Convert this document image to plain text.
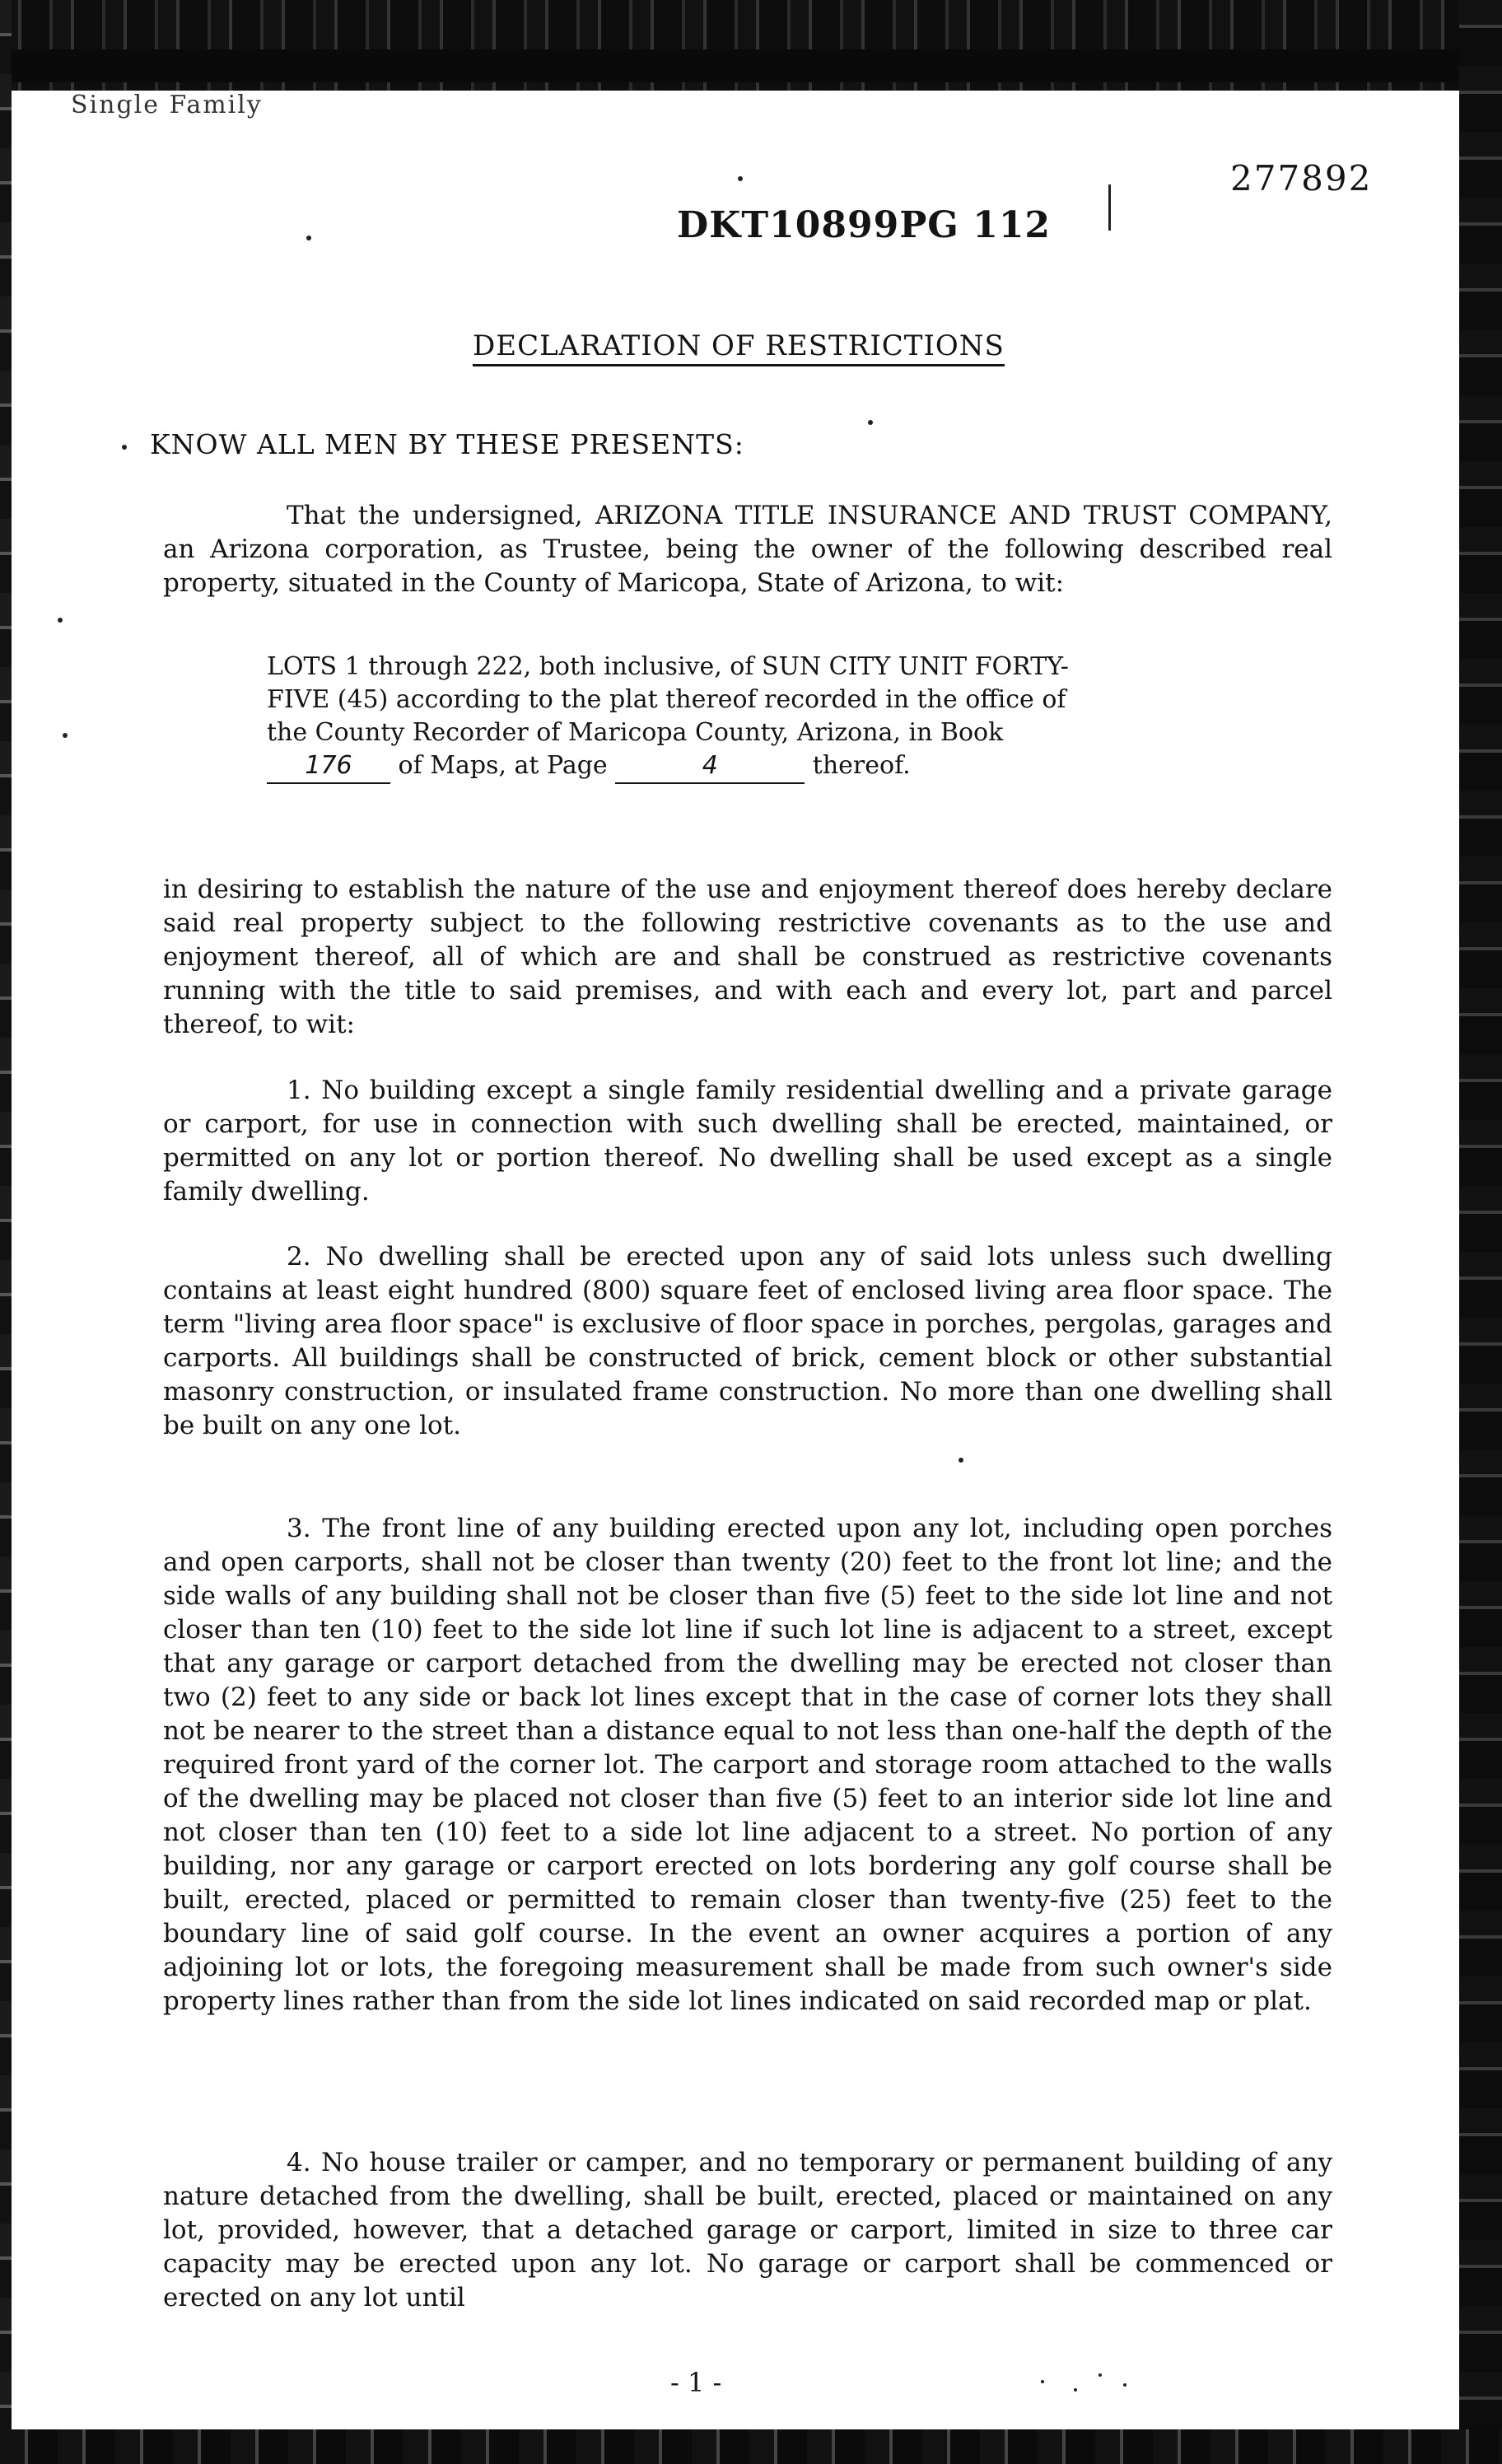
Single Family
277892
DKT10899PG 112
DECLARATION OF RESTRICTIONS
KNOW ALL MEN BY THESE PRESENTS:

That the undersigned, ARIZONA TITLE INSURANCE AND TRUST COMPANY, an Arizona corporation, as Trustee, being the owner of the following described real property, situated in the County of Maricopa, State of Arizona, to wit:

LOTS 1 through 222, both inclusive, of SUN CITY UNIT FORTY-FIVE (45) according to the plat thereof recorded in the office of the County Recorder of Maricopa County, Arizona, in Book 176 of Maps, at Page	4	thereof.

in desiring to establish the nature of the use and enjoyment thereof does hereby declare said real property subject to the following restrictive covenants as to the use and enjoyment thereof, all of which are and shall be construed as restrictive covenants running with the title to said premises, and with each and every lot, part and parcel thereof, to wit:

1. No building except a single family residential dwelling and a private garage or carport, for use in connection with such dwelling shall be erected, maintained, or permitted on any lot or portion thereof. No dwelling shall be used except as a single family dwelling.

2. No dwelling shall be erected upon any of said lots unless such dwelling contains at least eight hundred (800) square feet of enclosed living area floor space. The term "living area floor space" is exclusive of floor space in porches, pergolas, garages and carports. All buildings shall be constructed of brick, cement block or other substantial masonry construction, or insulated frame construction. No more than one dwelling shall be built on any one lot.

3. The front line of any building erected upon any lot, including open porches and open carports, shall not be closer than twenty (20) feet to the front lot line; and the side walls of any building shall not be closer than five (5) feet to the side lot line and not closer than ten (10) feet to the side lot line if such lot line is adjacent to a street, except that any garage or carport detached from the dwelling may be erected not closer than two (2) feet to any side or back lot lines except that in the case of corner lots they shall not be nearer to the street than a distance equal to not less than one-half the depth of the required front yard of the corner lot. The carport and storage room attached to the walls of the dwelling may be placed not closer than five (5) feet to an interior side lot line and not closer than ten (10) feet to a side lot line adjacent to a street. No portion of any building, nor any garage or carport erected on lots bordering any golf course shall be built, erected, placed or permitted to remain closer than twenty-five (25) feet to the boundary line of said golf course. In the event an owner acquires a portion of any adjoining lot or lots, the foregoing measurement shall be made from such owner's side property lines rather than from the side lot lines indicated on said recorded map or plat.

4. No house trailer or camper, and no temporary or permanent building of any nature detached from the dwelling, shall be built, erected, placed or maintained on any lot, provided, however, that a detached garage or carport, limited in size to three car capacity may be erected upon any lot. No garage or carport shall be commenced or erected on any lot until

- 1 -
